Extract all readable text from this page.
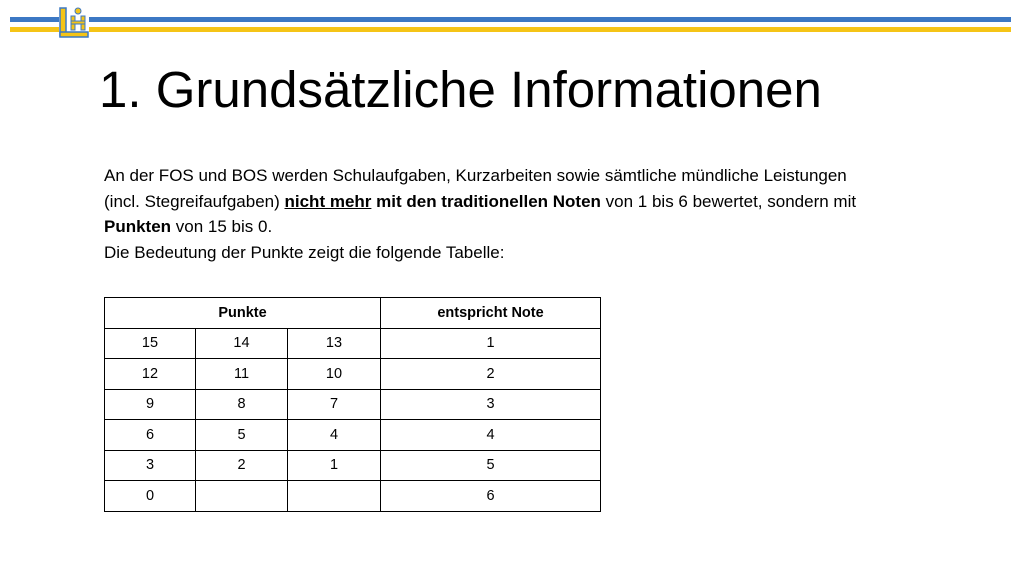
1. Grundsätzliche Informationen

An der FOS und BOS werden Schulaufgaben, Kurzarbeiten sowie sämtliche mündliche Leistungen (incl. Stegreifaufgaben) nicht mehr mit den traditionellen Noten von 1 bis 6 bewertet, sondern mit Punkten von 15 bis 0.

Die Bedeutung der Punkte zeigt die folgende Tabelle:

Punkte			entspricht Note
15	14	13	1
12	11	10	2
9	8	7	3
6	5	4	4
3	2	1	5
0			6
